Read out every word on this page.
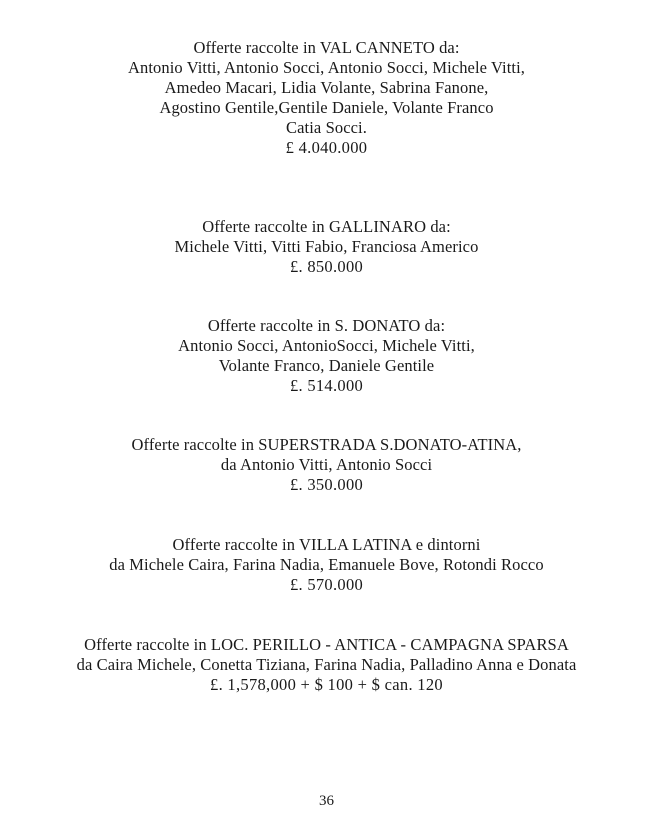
Offerte raccolte in VAL CANNETO da:
Antonio Vitti, Antonio Socci, Antonio Socci, Michele Vitti,
Amedeo Macari, Lidia Volante, Sabrina Fanone,
Agostino Gentile,Gentile Daniele, Volante Franco
Catia Socci.
£ 4.040.000
Offerte raccolte in GALLINARO da:
Michele Vitti, Vitti Fabio, Franciosa Americo
£. 850.000
Offerte raccolte in S. DONATO da:
Antonio Socci, AntonioSocci, Michele Vitti,
Volante Franco, Daniele Gentile
£. 514.000
Offerte raccolte in SUPERSTRADA S.DONATO-ATINA,
da Antonio Vitti, Antonio Socci
£. 350.000
Offerte raccolte in VILLA LATINA e dintorni
da Michele Caira, Farina Nadia, Emanuele Bove, Rotondi Rocco
£. 570.000
Offerte raccolte in LOC. PERILLO - ANTICA - CAMPAGNA SPARSA
da Caira Michele, Conetta Tiziana, Farina Nadia, Palladino Anna e Donata
£. 1,578,000 + $ 100 + $ can. 120
36
